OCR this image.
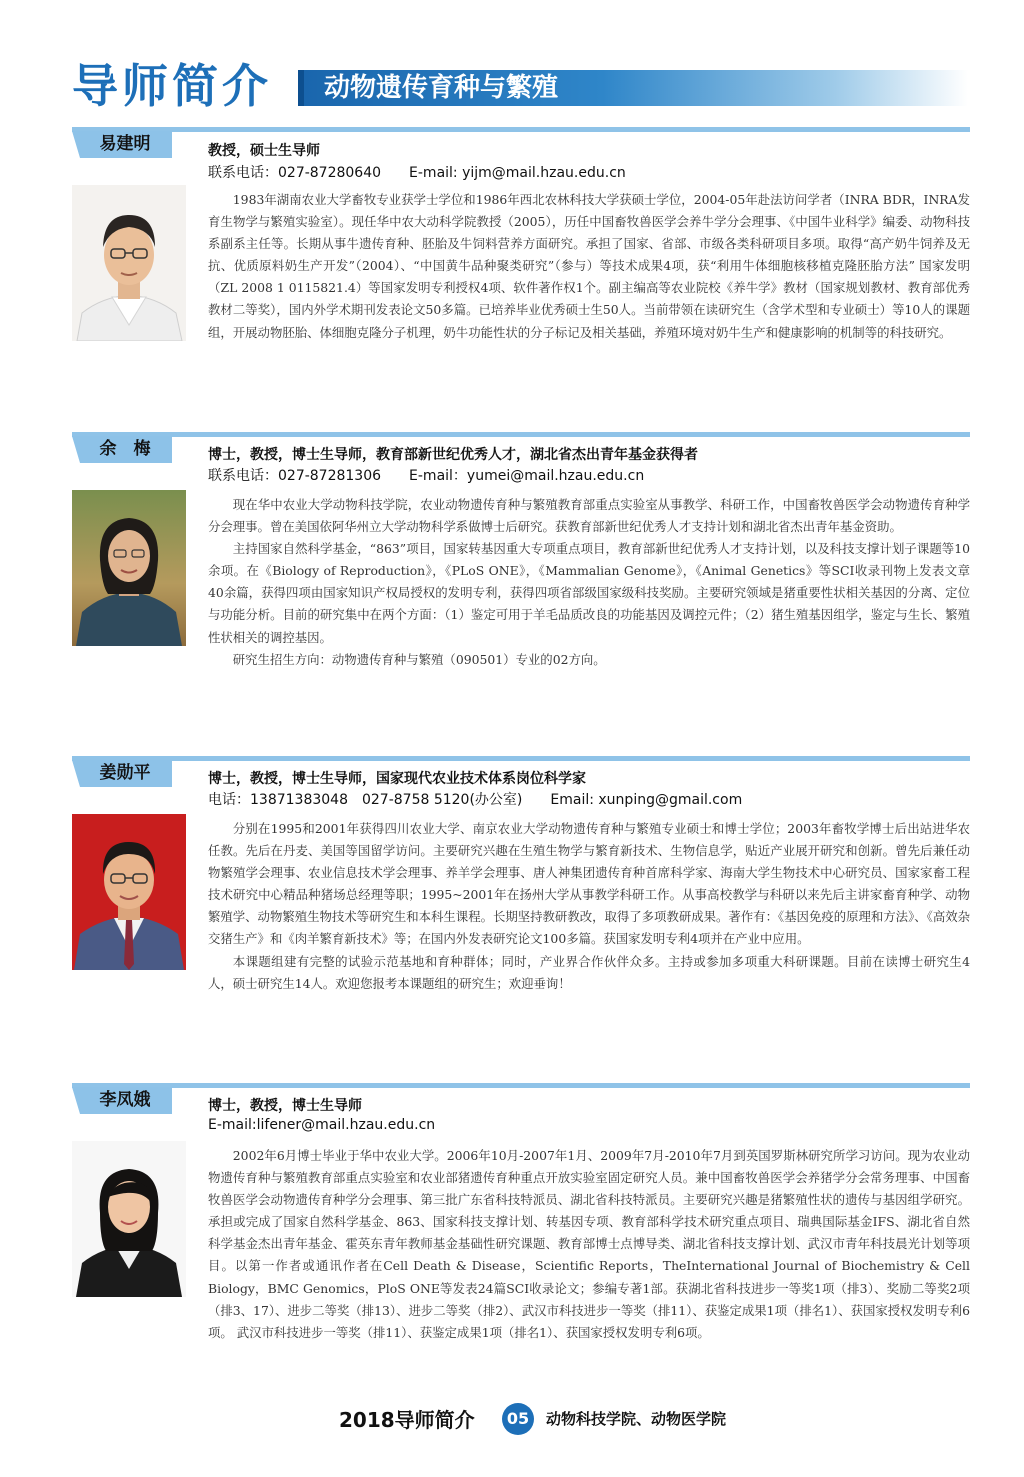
导师简介 动物遗传育种与繁殖
易建明	教授，硕士生导师
联系电话：027-87280640 E-mail: yijm@mail.hzau.edu.cn

1983年湖南农业大学畜牧专业获学士学位和1986年西北农林科技大学获硕士学位，2004-05年赴法访问学者（INRA BDR，INRA发育生物学与繁殖实验室）。现任华中农大动科学院教授（2005），历任中国畜牧兽医学会养牛学分会理事、《中国牛业科学》编委、动物科技系副系主任等。长期从事牛遗传育种、胚胎及牛饲料营养方面研究。承担了国家、省部、市级各类科研项目多项。取得“高产奶牛饲养及无抗、优质原料奶生产开发”（2004）、“中国黄牛品种聚类研究”（参与）等技术成果4项，获“利用牛体细胞核移植克隆胚胎方法” 国家发明（ZL 2008 1 0115821.4）等国家发明专利授权4项、软件著作权1个。副主编高等农业院校《养牛学》教材（国家规划教材、教育部优秀教材二等奖），国内外学术期刊发表论文50多篇。已培养毕业优秀硕士生50人。当前带领在读研究生（含学术型和专业硕士）等10人的课题组，开展动物胚胎、体细胞克隆分子机理，奶牛功能性状的分子标记及相关基础，养殖环境对奶牛生产和健康影响的机制等的科技研究。

余　梅	博士，教授，博士生导师，教育部新世纪优秀人才，湖北省杰出青年基金获得者
联系电话：027-87281306 E-mail：yumei@mail.hzau.edu.cn

现在华中农业大学动物科技学院，农业动物遗传育种与繁殖教育部重点实验室从事教学、科研工作，中国畜牧兽医学会动物遗传育种学分会理事。曾在美国依阿华州立大学动物科学系做博士后研究。获教育部新世纪优秀人才支持计划和湖北省杰出青年基金资助。

主持国家自然科学基金，“863”项目，国家转基因重大专项重点项目，教育部新世纪优秀人才支持计划，以及科技支撑计划子课题等10余项。在《Biology of Reproduction》，《PLoS ONE》，《Mammalian Genome》，《Animal Genetics》等SCI收录刊物上发表文章40余篇，获得四项由国家知识产权局授权的发明专利，获得四项省部级国家级科技奖励。主要研究领域是猪重要性状相关基因的分离、定位与功能分析。目前的研究集中在两个方面：（1）鉴定可用于羊毛品质改良的功能基因及调控元件；（2）猪生殖基因组学，鉴定与生长、繁殖性状相关的调控基因。

研究生招生方向：动物遗传育种与繁殖（090501）专业的02方向。

姜勋平	博士，教授，博士生导师，国家现代农业技术体系岗位科学家
电话：13871383048　027-8758 5120(办公室) Email: xunping@gmail.com

分别在1995和2001年获得四川农业大学、南京农业大学动物遗传育种与繁殖专业硕士和博士学位；2003年畜牧学博士后出站进华农任教。先后在丹麦、美国等国留学访问。主要研究兴趣在生殖生物学与繁育新技术、生物信息学，贴近产业展开研究和创新。曾先后兼任动物繁殖学会理事、农业信息技术学会理事、养羊学会理事、唐人神集团遗传育种首席科学家、海南大学生物技术中心研究员、国家家畜工程技术研究中心精品种猪场总经理等职；1995~2001年在扬州大学从事教学科研工作。从事高校教学与科研以来先后主讲家畜育种学、动物繁殖学、动物繁殖生物技术等研究生和本科生课程。长期坚持教研教改，取得了多项教研成果。著作有：《基因免疫的原理和方法》、《高效杂交猪生产》和《肉羊繁育新技术》等；在国内外发表研究论文100多篇。获国家发明专利4项并在产业中应用。

本课题组建有完整的试验示范基地和育种群体；同时，产业界合作伙伴众多。主持或参加多项重大科研课题。目前在读博士研究生4人，硕士研究生14人。欢迎您报考本课题组的研究生；欢迎垂询！

李凤娥	博士，教授，博士生导师
E-mail:lifener@mail.hzau.edu.cn

2002年6月博士毕业于华中农业大学。2006年10月-2007年1月、2009年7月-2010年7月到英国罗斯林研究所学习访问。现为农业动物遗传育种与繁殖教育部重点实验室和农业部猪遗传育种重点开放实验室固定研究人员。兼中国畜牧兽医学会养猪学分会常务理事、中国畜牧兽医学会动物遗传育种学分会理事、第三批广东省科技特派员、湖北省科技特派员。主要研究兴趣是猪繁殖性状的遗传与基因组学研究。承担或完成了国家自然科学基金、863、国家科技支撑计划、转基因专项、教育部科学技术研究重点项目、瑞典国际基金IFS、湖北省自然科学基金杰出青年基金、霍英东青年教师基金基础性研究课题、教育部博士点博导类、湖北省科技支撑计划、武汉市青年科技晨光计划等项目。以第一作者或通讯作者在Cell Death & Disease，Scientific Reports，TheInternational Journal of Biochemistry & Cell Biology，BMC Genomics，PloS ONE等发表24篇SCI收录论文；参编专著1部。获湖北省科技进步一等奖1项（排3）、奖励二等奖2项（排3、17）、进步二等奖（排13）、进步二等奖（排2）、武汉市科技进步一等奖（排11）、获鉴定成果1项（排名1）、获国家授权发明专利6项。 武汉市科技进步一等奖（排11）、获鉴定成果1项（排名1）、获国家授权发明专利6项。

2018导师简介	05	动物科技学院、动物医学院
